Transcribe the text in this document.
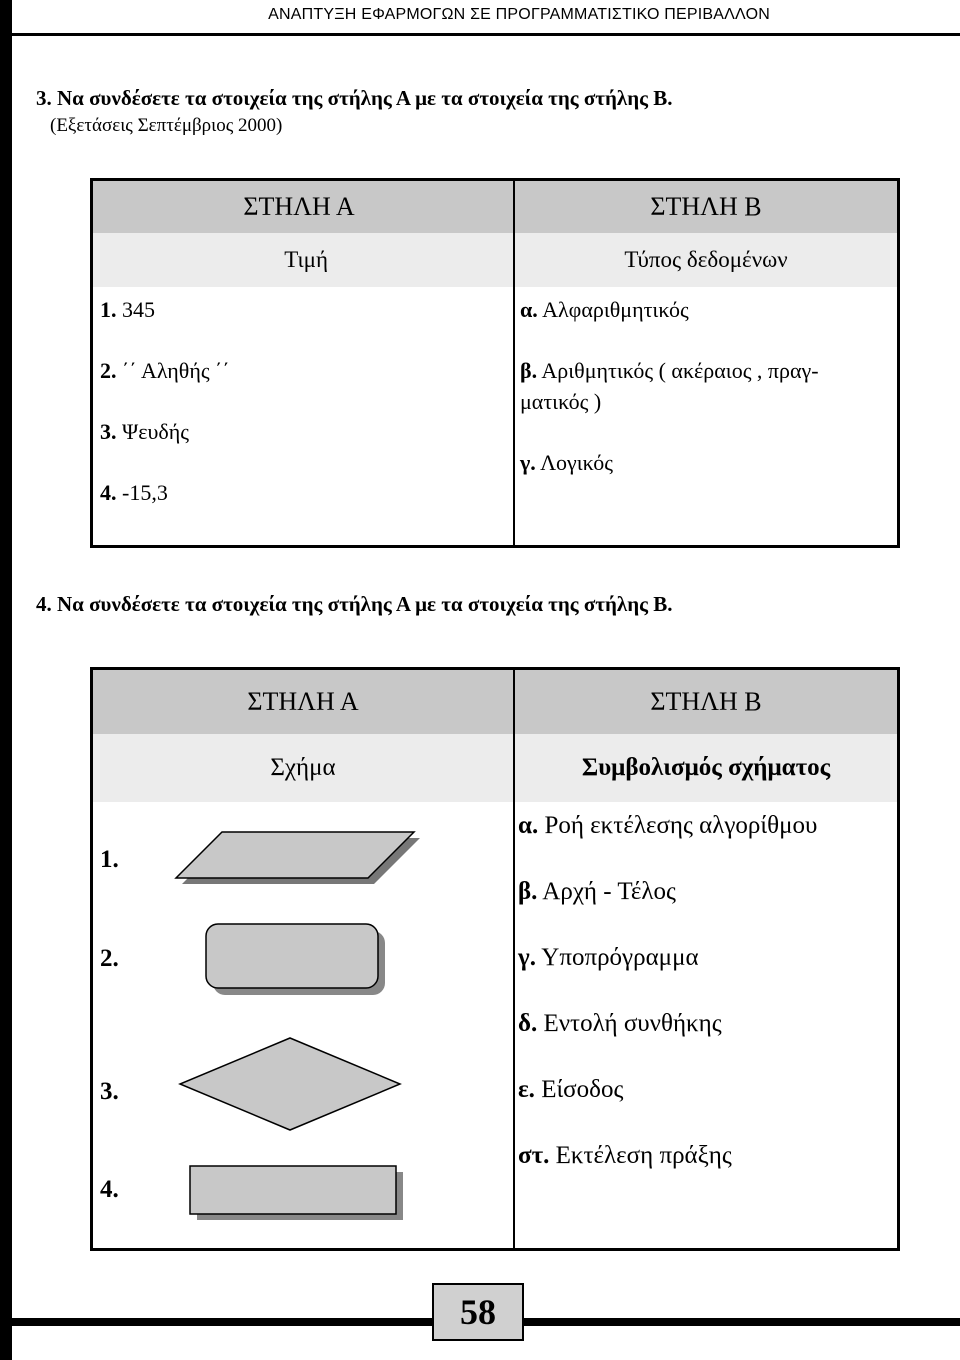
ΑΝΑΠΤΥΞΗ ΕΦΑΡΜΟΓΩΝ ΣΕ ΠΡΟΓΡΑΜΜΑΤΙΣΤΙΚΟ ΠΕΡΙΒΑΛΛΟΝ
3. Να συνδέσετε τα στοιχεία της στήλης Α με τα στοιχεία της στήλης Β.
(Εξετάσεις Σεπτέμβριος 2000)
ΣΤΗΛΗ Α	ΣΤΗΛΗ Β

Τιμή	Τύπος δεδομένων

1. 345
2. ΄΄ Αληθής ΄΄
3. Ψευδής
4. -15,3
α. Αλφαριθμητικός
β. Αριθμητικός ( ακέραιος , πραγ-
ματικός )
γ. Λογικός
4. Να συνδέσετε τα στοιχεία της στήλης Α με τα στοιχεία της στήλης Β.
ΣΤΗΛΗ Α	ΣΤΗΛΗ Β
Σχήμα	Συμβολισμός σχήματος

1.
2.
3.
4.
α. Ροή εκτέλεσης αλγορίθμου
β. Αρχή - Τέλος
γ. Υποπρόγραμμα
δ. Εντολή συνθήκης
ε. Είσοδος
στ. Εκτέλεση πράξης
58
